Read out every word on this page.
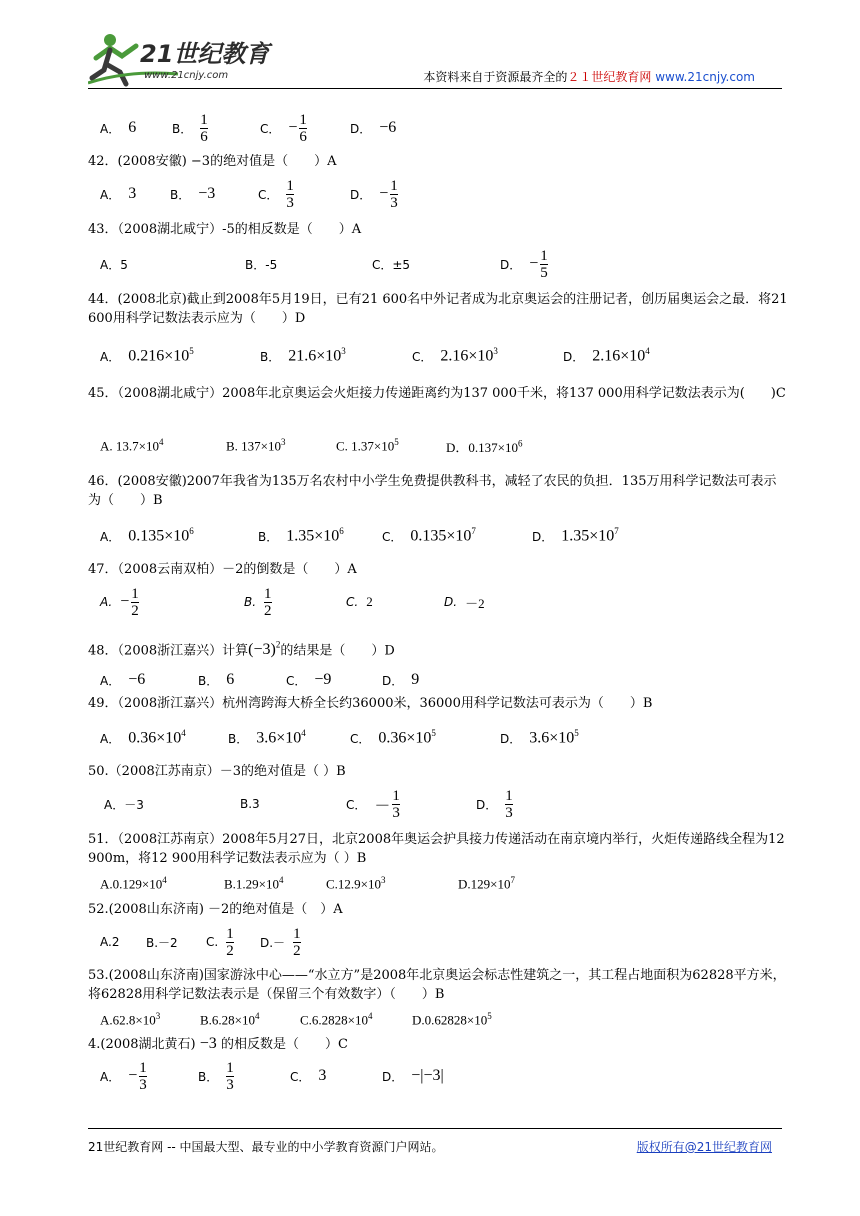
21世纪教育
www.21cnjy.com	本资料来自于资源最齐全的２１世纪教育网 www.21cnjy.com
A． 6	B． $\frac{1}{6}$	C． − $\frac{1}{6}$	D． −6
42．(2008安徽) −3的绝对值是（　　）A
A． 3	B． −3	C． $\frac{1}{3}$	D． − $\frac{1}{3}$
43．（2008湖北咸宁）-5的相反数是（　　）A
A．5	B．-5	C．±5	D． − $\frac{1}{5}$
44．(2008北京)截止到2008年5月19日，已有21 600名中外记者成为北京奥运会的注册记者，创历届奥运会之最．将21 600用科学记数法表示应为（　　）D
A． $0.216\times 10^5$	B． $21.6\times 10^3$	C． $2.16\times 10^3$	D． $2.16\times 10^4$
45．（2008湖北咸宁）2008年北京奥运会火炬接力传递距离约为137 000千米，将137 000用科学记数法表示为(　　)C
A. $13.7\times 10^4$	B. $137\times 10^3$	C. $1.37\times 10^5$	D．$0.137\times 10^6$
46．(2008安徽)2007年我省为135万名农村中小学生免费提供教科书，减轻了农民的负担．135万用科学记数法可表示为（　　）B
A． $0.135\times 10^6$	B． $1.35\times 10^6$	C． $0.135\times 10^7$	D． $1.35\times 10^7$
47．（2008云南双柏）－2的倒数是（　　）A
A. − $\frac{1}{2}$	B. $\frac{1}{2}$	C. 2	D. －2
48．（2008浙江嘉兴）计算$(-3)^2$的结果是（　　）D
A． −6	B． 6	C． −9	D． 9
49．（2008浙江嘉兴）杭州湾跨海大桥全长约36000米，36000用科学记数法可表示为（　　）B
A． $0.36\times 10^4$	B． $3.6\times 10^4$	C． $0.36\times 10^5$	D． $3.6\times 10^5$
50.（2008江苏南京）－3的绝对值是（ ）B
A．－3	B.3	C． － $\frac{1}{3}$	D． $\frac{1}{3}$
51．（2008江苏南京）2008年5月27日，北京2008年奥运会护具接力传递活动在南京境内举行，火炬传递路线全程为12 900m，将12 900用科学记数法表示应为（ ）B
$A.0.129\times 10^4$	$B.1.29\times 10^4$	$C.12.9\times 10^3$	$D.129\times 10^7$
52.(2008山东济南) －2的绝对值是（　）A
A.2 B.－2 C. $\frac{1}{2} D.- \frac{1}{2}$
53.(2008山东济南)国家游泳中心——“水立方”是2008年北京奥运会标志性建筑之一，其工程占地面积为62828平方米，将62828用科学记数法表示是（保留三个有效数字）（　　）B
$A.62.8\times 10^3$	$B.6.28\times 10^4$	$C.6.2828\times 10^4$	$D.0.62828\times 10^5$
4.(2008湖北黄石) −3 的相反数是（　　）C
A． − $\frac{1}{3}$	B． $\frac{1}{3}$	C． 3	D． −|−3|
21世纪教育网 -- 中国最大型、最专业的中小学教育资源门户网站。	版权所有@21世纪教育网
